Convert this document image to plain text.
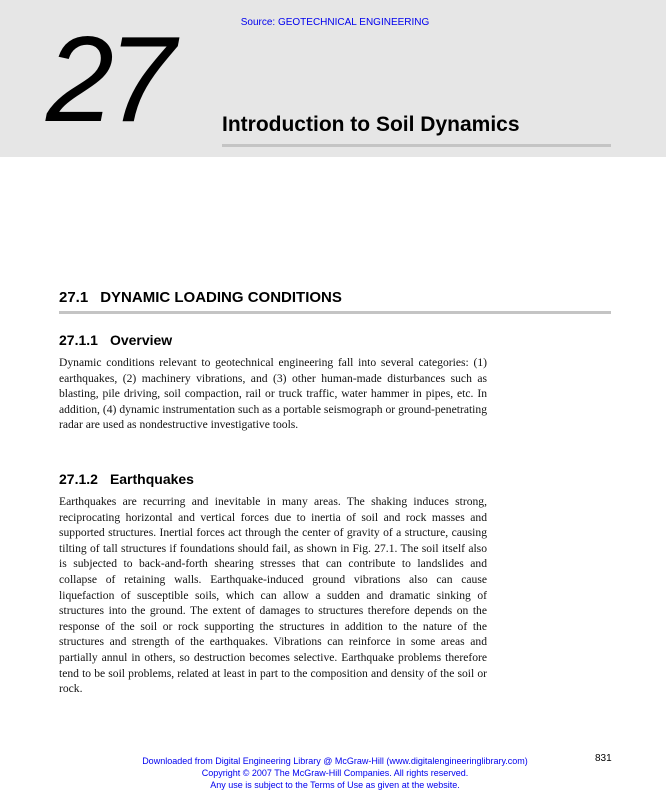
Source: GEOTECHNICAL ENGINEERING
27 Introduction to Soil Dynamics
27.1 DYNAMIC LOADING CONDITIONS
27.1.1 Overview

Dynamic conditions relevant to geotechnical engineering fall into several categories: (1) earthquakes, (2) machinery vibrations, and (3) other human-made disturbances such as blasting, pile driving, soil compaction, rail or truck traffic, water hammer in pipes, etc. In addition, (4) dynamic instrumentation such as a portable seismograph or ground-penetrating radar are used as nondestructive investigative tools.

27.1.2 Earthquakes

Earthquakes are recurring and inevitable in many areas. The shaking induces strong, reciprocating horizontal and vertical forces due to inertia of soil and rock masses and supported structures. Inertial forces act through the center of gravity of a structure, causing tilting of tall structures if foundations should fail, as shown in Fig. 27.1. The soil itself also is subjected to back-and-forth shearing stresses that can contribute to landslides and collapse of retaining walls. Earthquake-induced ground vibrations also can cause liquefaction of susceptible soils, which can allow a sudden and dramatic sinking of structures into the ground. The extent of damages to structures therefore depends on the response of the soil or rock supporting the structures in addition to the nature of the structures and strength of the earthquakes. Vibrations can reinforce in some areas and partially annul in others, so destruction becomes selective. Earthquake problems therefore tend to be soil problems, related at least in part to the composition and density of the soil or rock.

Downloaded from Digital Engineering Library @ McGraw-Hill (www.digitalengineeringlibrary.com)
Copyright © 2007 The McGraw-Hill Companies. All rights reserved.
Any use is subject to the Terms of Use as given at the website.
831
